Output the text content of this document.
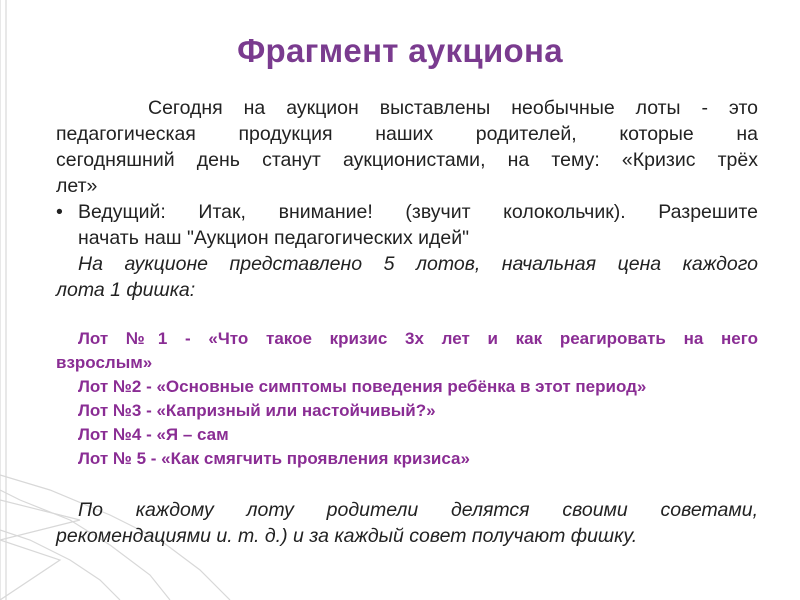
Фрагмент аукциона
Сегодня на аукцион выставлены необычные лоты - это
педагогическая продукция наших родителей, которые на
сегодняшний день станут аукционистами, на тему: «Кризис трёх
лет»
• Ведущий: Итак, внимание! (звучит колокольчик). Разрешите
начать наш "Аукцион педагогических идей"
На аукционе представлено 5 лотов, начальная цена каждого
лота 1 фишка:
Лот №1 - «Что такое кризис 3х лет и как реагировать на него
взрослым»
Лот №2 - «Основные симптомы поведения ребёнка в этот период»
Лот №3 - «Капризный или настойчивый?»
Лот №4 - «Я – сам
Лот № 5 - «Как смягчить проявления кризиса»
По каждому лоту родители делятся своими советами,
рекомендациями и. т. д.) и за каждый совет получают фишку.
